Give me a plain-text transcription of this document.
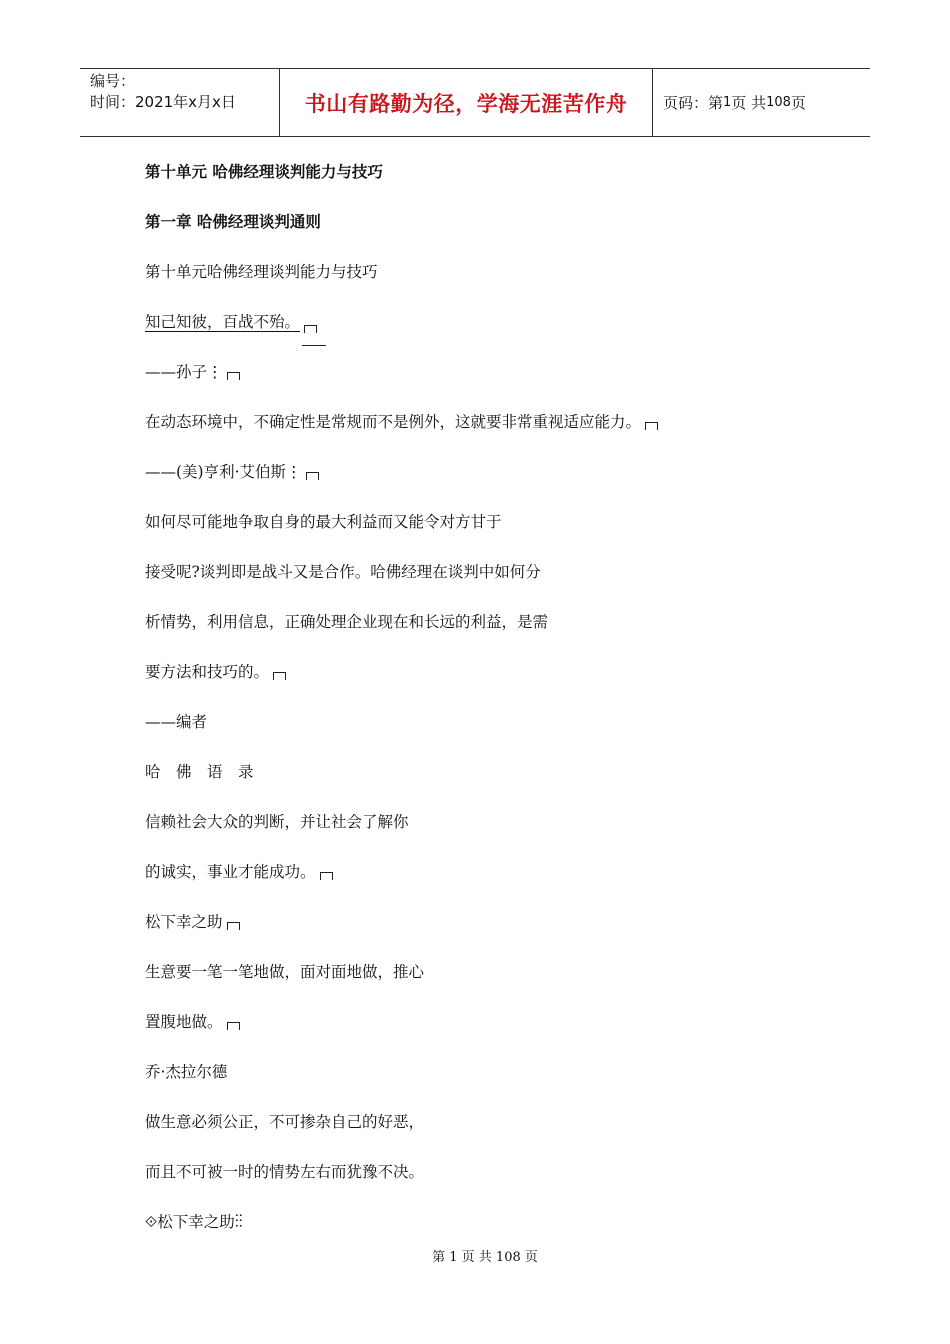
编号：
时间：2021年x月x日	书山有路勤为径，学海无涯苦作舟	页码：第 1 页 共 108 页
第十单元 哈佛经理谈判能力与技巧
第一章 哈佛经理谈判通则
第十单元哈佛经理谈判能力与技巧
知己知彼，百战不殆。
——孙子⋮
在动态环境中，不确定性是常规而不是例外，这就要非常重视适应能力。
——(美)亨利·艾伯斯⋮
如何尽可能地争取自身的最大利益而又能令对方甘于
接受呢?谈判即是战斗又是合作。哈佛经理在谈判中如何分
析情势，利用信息，正确处理企业现在和长远的利益，是需
要方法和技巧的。
——编者
哈　佛　语　录
信赖社会大众的判断，并让社会了解你
的诚实，事业才能成功。
松下幸之助
生意要一笔一笔地做，面对面地做，推心
置腹地做。
乔·杰拉尔德
做生意必须公正，不可掺杂自己的好恶，
而且不可被一时的情势左右而犹豫不决。
⟐松下幸之助⋮⋮
第 1 页 共 108 页
